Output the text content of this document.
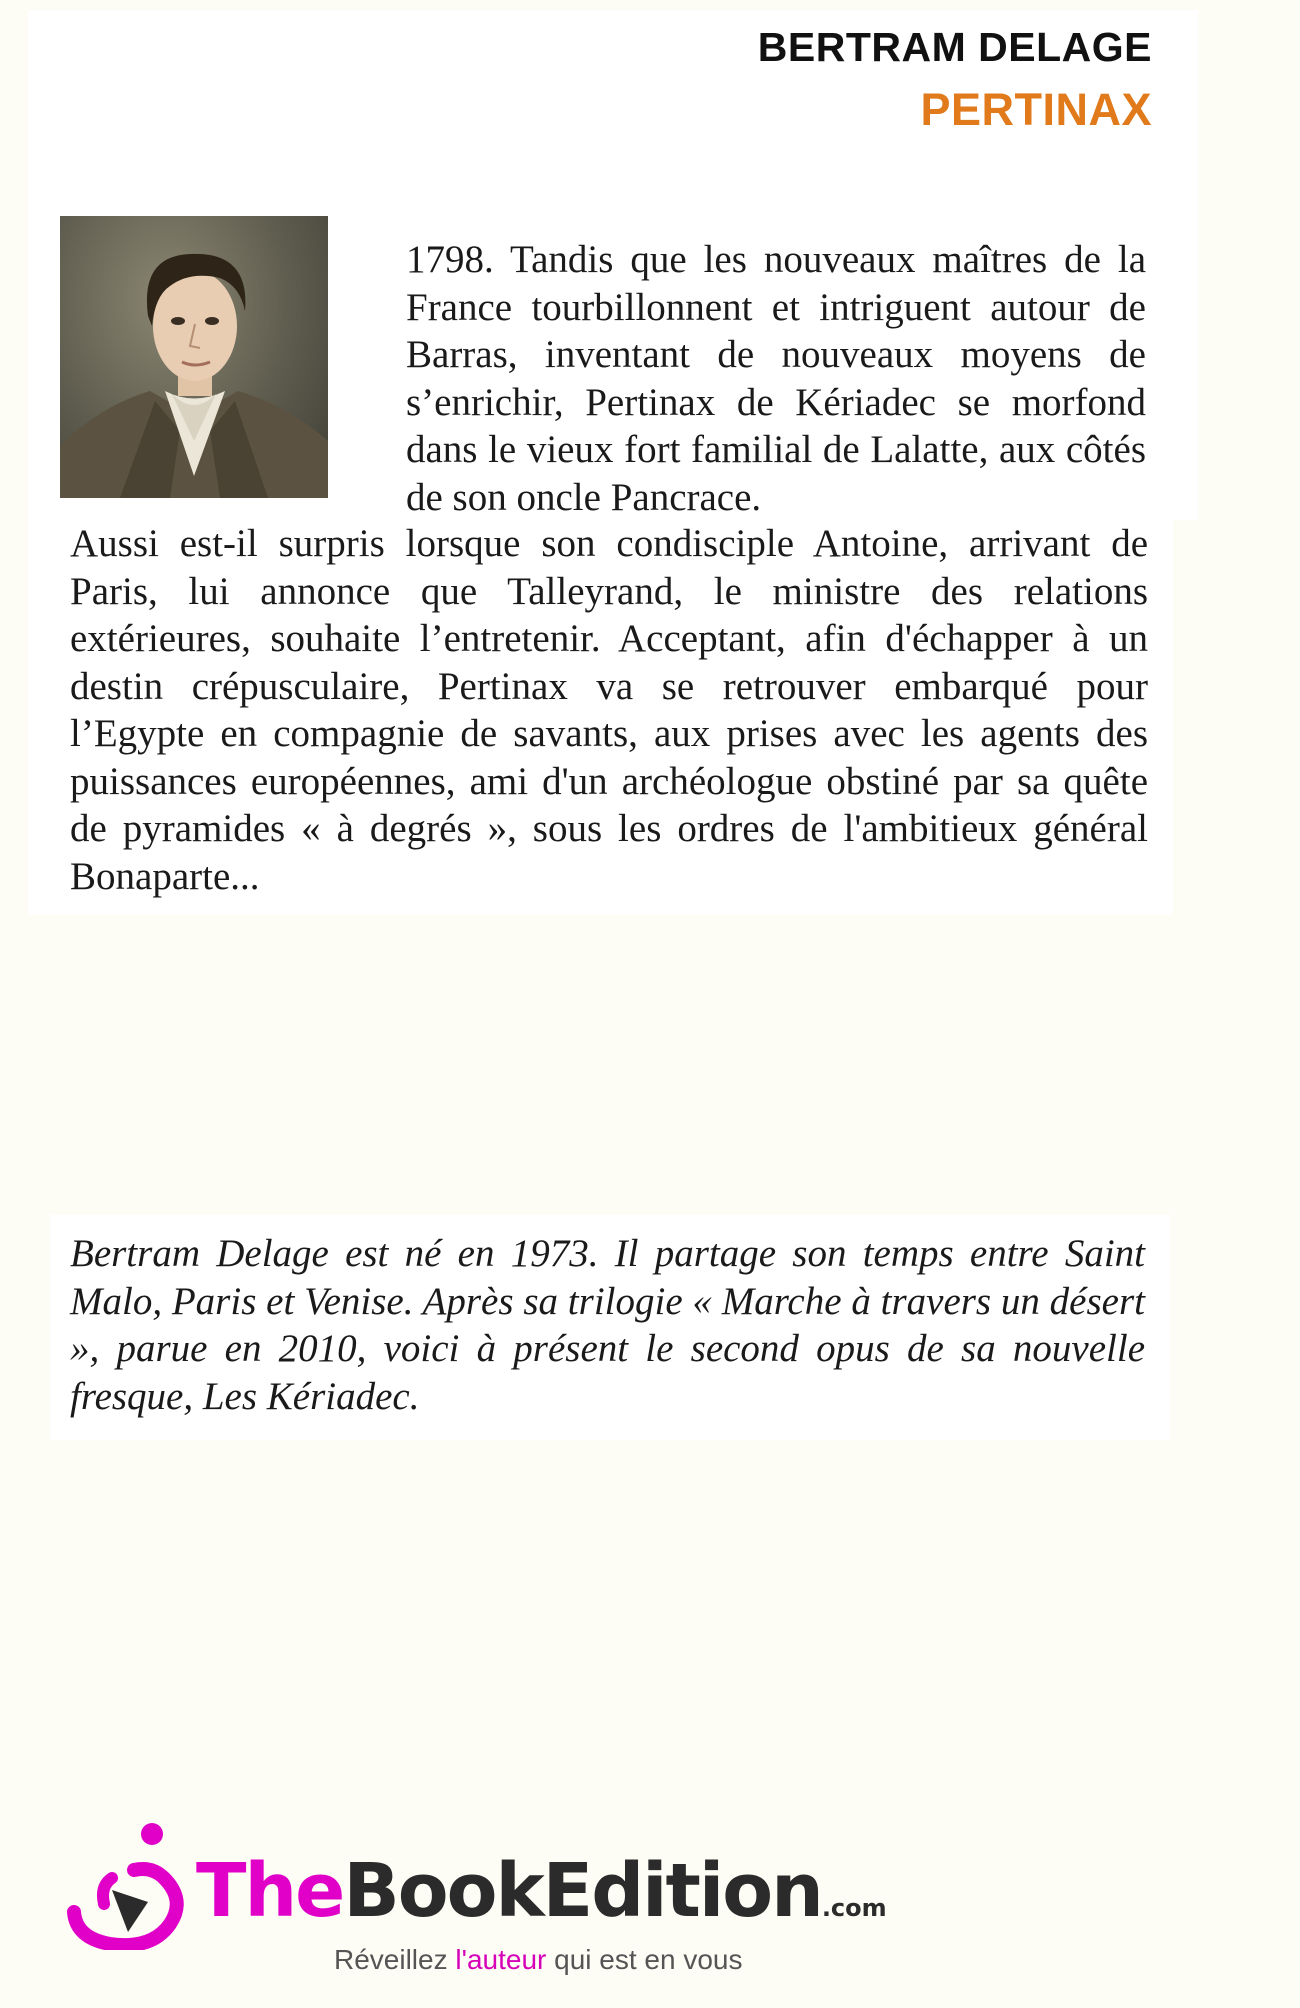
BERTRAM DELAGE
PERTINAX

1798. Tandis que les nouveaux maîtres de la France tourbillonnent et intriguent autour de Barras, inventant de nouveaux moyens de s’enrichir, Pertinax de Kériadec se morfond dans le vieux fort familial de Lalatte, aux côtés de son oncle Pancrace.

Aussi est-il surpris lorsque son condisciple Antoine, arrivant de Paris, lui annonce que Talleyrand, le ministre des relations extérieures, souhaite l’entretenir. Acceptant, afin d'échapper à un destin crépusculaire, Pertinax va se retrouver embarqué pour l’Egypte en compagnie de savants, aux prises avec les agents des puissances européennes, ami d'un archéologue obstiné par sa quête de pyramides « à degrés », sous les ordres de l'ambitieux général Bonaparte...

Bertram Delage est né en 1973. Il partage son temps entre Saint Malo, Paris et Venise. Après sa trilogie « Marche à travers un désert », parue en 2010, voici à présent le second opus de sa nouvelle fresque, Les Kériadec.

TheBookEdition.com
Réveillez l'auteur qui est en vous
